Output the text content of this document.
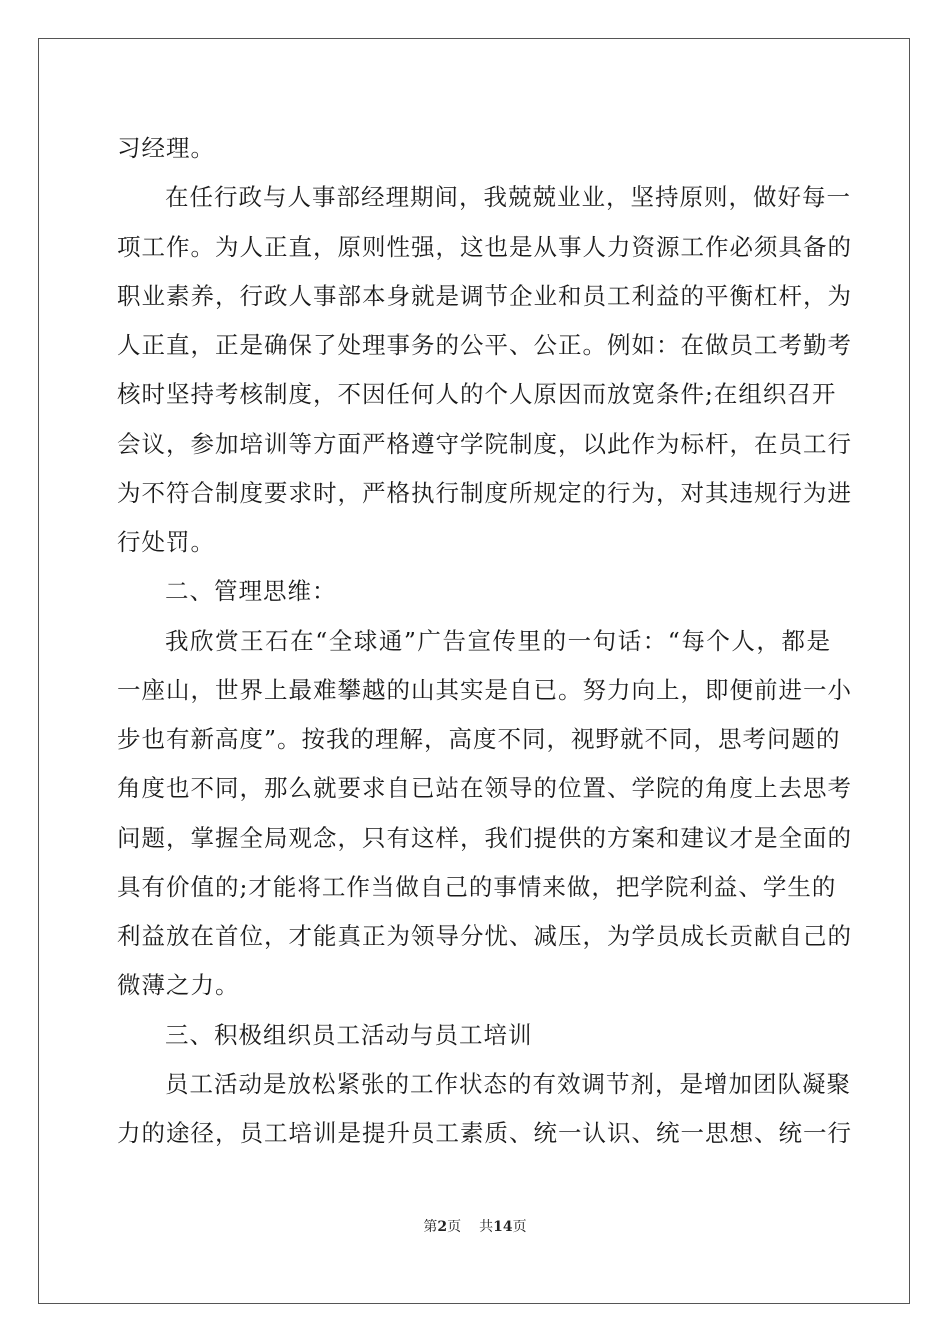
习经理。
在任行政与人事部经理期间，我兢兢业业，坚持原则，做好每一
项工作。为人正直，原则性强，这也是从事人力资源工作必须具备的
职业素养，行政人事部本身就是调节企业和员工利益的平衡杠杆，为
人正直，正是确保了处理事务的公平、公正。例如：在做员工考勤考
核时坚持考核制度，不因任何人的个人原因而放宽条件;在组织召开
会议，参加培训等方面严格遵守学院制度，以此作为标杆，在员工行
为不符合制度要求时，严格执行制度所规定的行为，对其违规行为进
行处罚。
二、管理思维：
我欣赏王石在“全球通”广告宣传里的一句话：“每个人，都是
一座山，世界上最难攀越的山其实是自已。努力向上，即便前进一小
步也有新高度”。按我的理解，高度不同，视野就不同，思考问题的
角度也不同，那么就要求自已站在领导的位置、学院的角度上去思考
问题，掌握全局观念，只有这样，我们提供的方案和建议才是全面的
具有价值的;才能将工作当做自己的事情来做，把学院利益、学生的
利益放在首位，才能真正为领导分忧、减压，为学员成长贡献自己的
微薄之力。
三、积极组织员工活动与员工培训
员工活动是放松紧张的工作状态的有效调节剂，是增加团队凝聚
力的途径，员工培训是提升员工素质、统一认识、统一思想、统一行
第2页 共14页
